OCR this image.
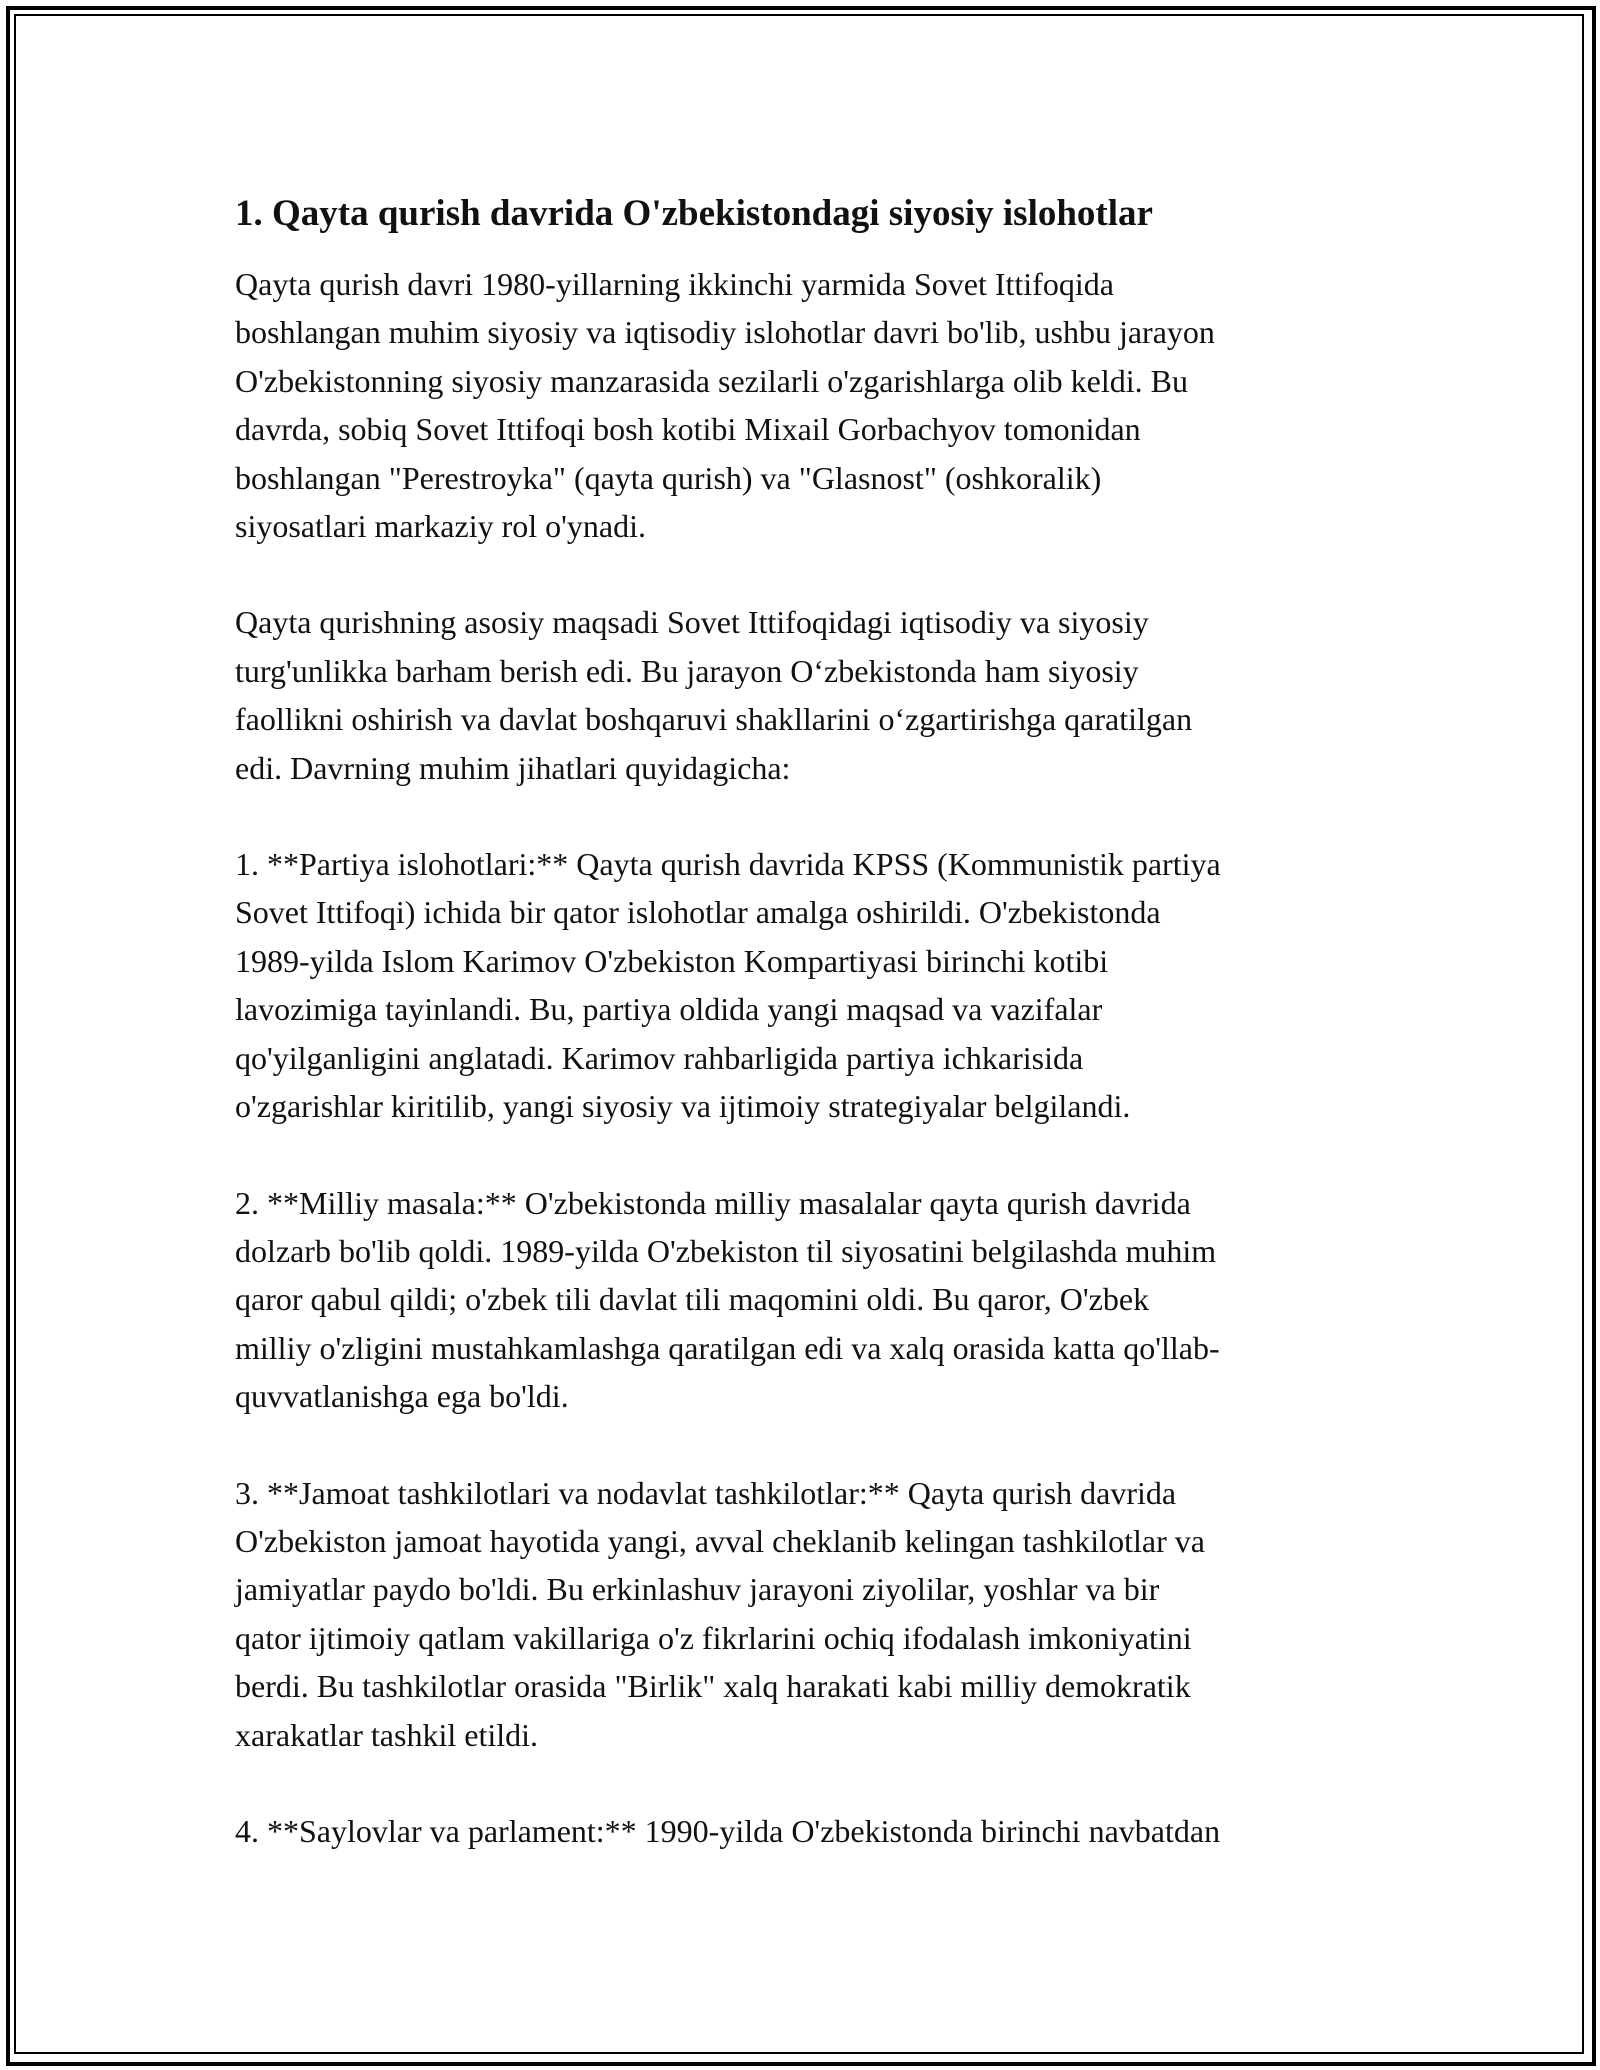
1. Qayta qurish davrida O'zbekistondagi siyosiy islohotlar

Qayta qurish davri 1980-yillarning ikkinchi yarmida Sovet Ittifoqida
boshlangan muhim siyosiy va iqtisodiy islohotlar davri bo'lib, ushbu jarayon
O'zbekistonning siyosiy manzarasida sezilarli o'zgarishlarga olib keldi. Bu
davrda, sobiq Sovet Ittifoqi bosh kotibi Mixail Gorbachyov tomonidan
boshlangan "Perestroyka" (qayta qurish) va "Glasnost" (oshkoralik)
siyosatlari markaziy rol o'ynadi.

Qayta qurishning asosiy maqsadi Sovet Ittifoqidagi iqtisodiy va siyosiy
turg'unlikka barham berish edi. Bu jarayon O‘zbekistonda ham siyosiy
faollikni oshirish va davlat boshqaruvi shakllarini o‘zgartirishga qaratilgan
edi. Davrning muhim jihatlari quyidagicha:

1. **Partiya islohotlari:** Qayta qurish davrida KPSS (Kommunistik partiya
Sovet Ittifoqi) ichida bir qator islohotlar amalga oshirildi. O'zbekistonda
1989-yilda Islom Karimov O'zbekiston Kompartiyasi birinchi kotibi
lavozimiga tayinlandi. Bu, partiya oldida yangi maqsad va vazifalar
qo'yilganligini anglatadi. Karimov rahbarligida partiya ichkarisida
o'zgarishlar kiritilib, yangi siyosiy va ijtimoiy strategiyalar belgilandi.

2. **Milliy masala:** O'zbekistonda milliy masalalar qayta qurish davrida
dolzarb bo'lib qoldi. 1989-yilda O'zbekiston til siyosatini belgilashda muhim
qaror qabul qildi; o'zbek tili davlat tili maqomini oldi. Bu qaror, O'zbek
milliy o'zligini mustahkamlashga qaratilgan edi va xalq orasida katta qo'llab-
quvvatlanishga ega bo'ldi.

3. **Jamoat tashkilotlari va nodavlat tashkilotlar:** Qayta qurish davrida
O'zbekiston jamoat hayotida yangi, avval cheklanib kelingan tashkilotlar va
jamiyatlar paydo bo'ldi. Bu erkinlashuv jarayoni ziyolilar, yoshlar va bir
qator ijtimoiy qatlam vakillariga o'z fikrlarini ochiq ifodalash imkoniyatini
berdi. Bu tashkilotlar orasida "Birlik" xalq harakati kabi milliy demokratik
xarakatlar tashkil etildi.

4. **Saylovlar va parlament:** 1990-yilda O'zbekistonda birinchi navbatdan
